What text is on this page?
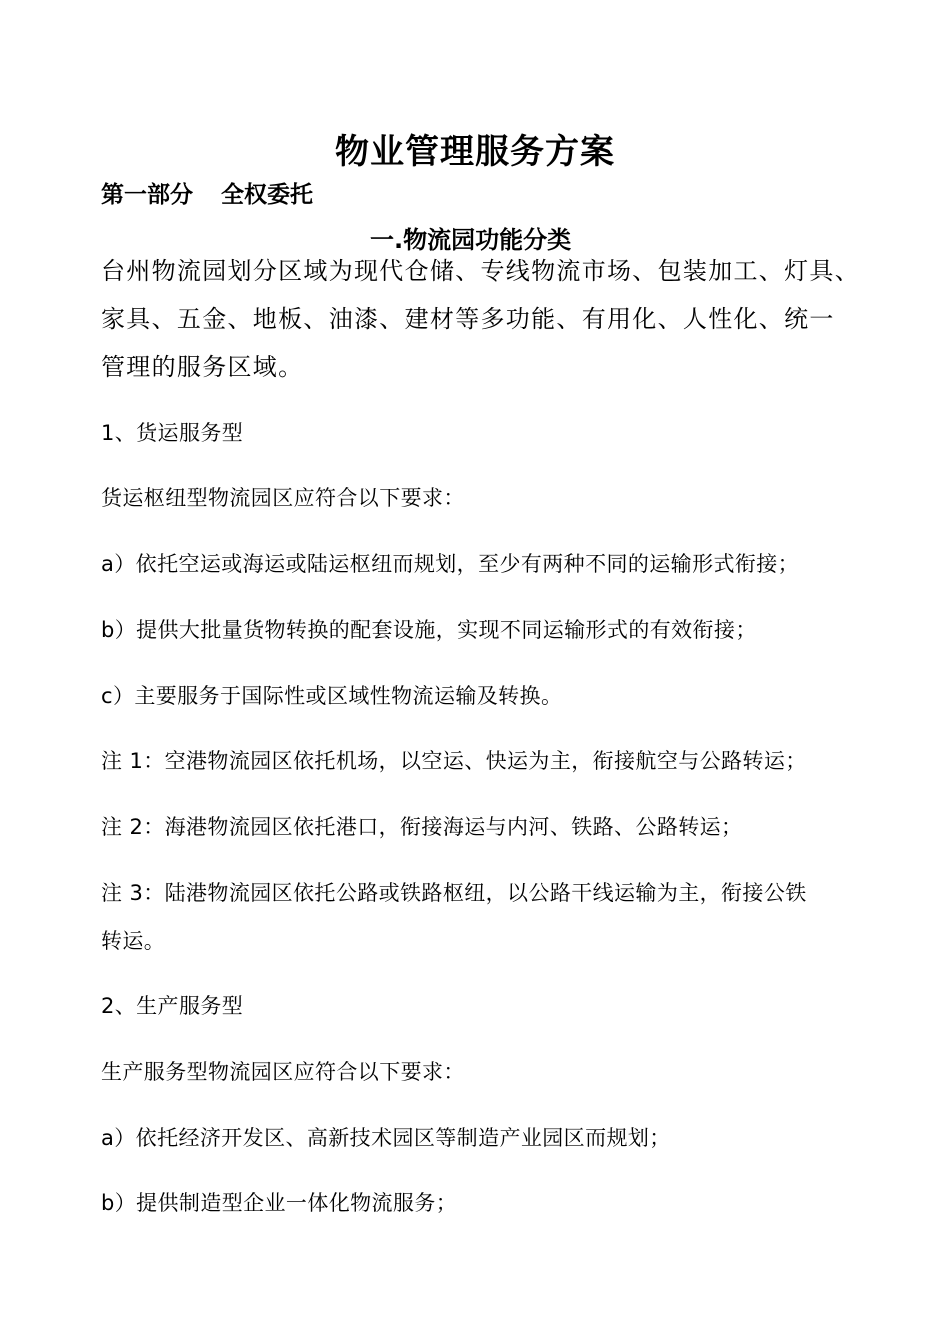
物业管理服务方案
第一部分 全权委托
一.物流园功能分类
台州物流园划分区域为现代仓储、专线物流市场、包装加工、灯具、
家具、五金、地板、油漆、建材等多功能、有用化、人性化、统一
管理的服务区域。
1、货运服务型
货运枢纽型物流园区应符合以下要求：
a）依托空运或海运或陆运枢纽而规划，至少有两种不同的运输形式衔接；
b）提供大批量货物转换的配套设施，实现不同运输形式的有效衔接；
c）主要服务于国际性或区域性物流运输及转换。
注 1：空港物流园区依托机场，以空运、快运为主，衔接航空与公路转运；
注 2：海港物流园区依托港口，衔接海运与内河、铁路、公路转运；
注 3：陆港物流园区依托公路或铁路枢纽，以公路干线运输为主，衔接公铁
转运。
2、生产服务型
生产服务型物流园区应符合以下要求：
a）依托经济开发区、高新技术园区等制造产业园区而规划；
b）提供制造型企业一体化物流服务；
